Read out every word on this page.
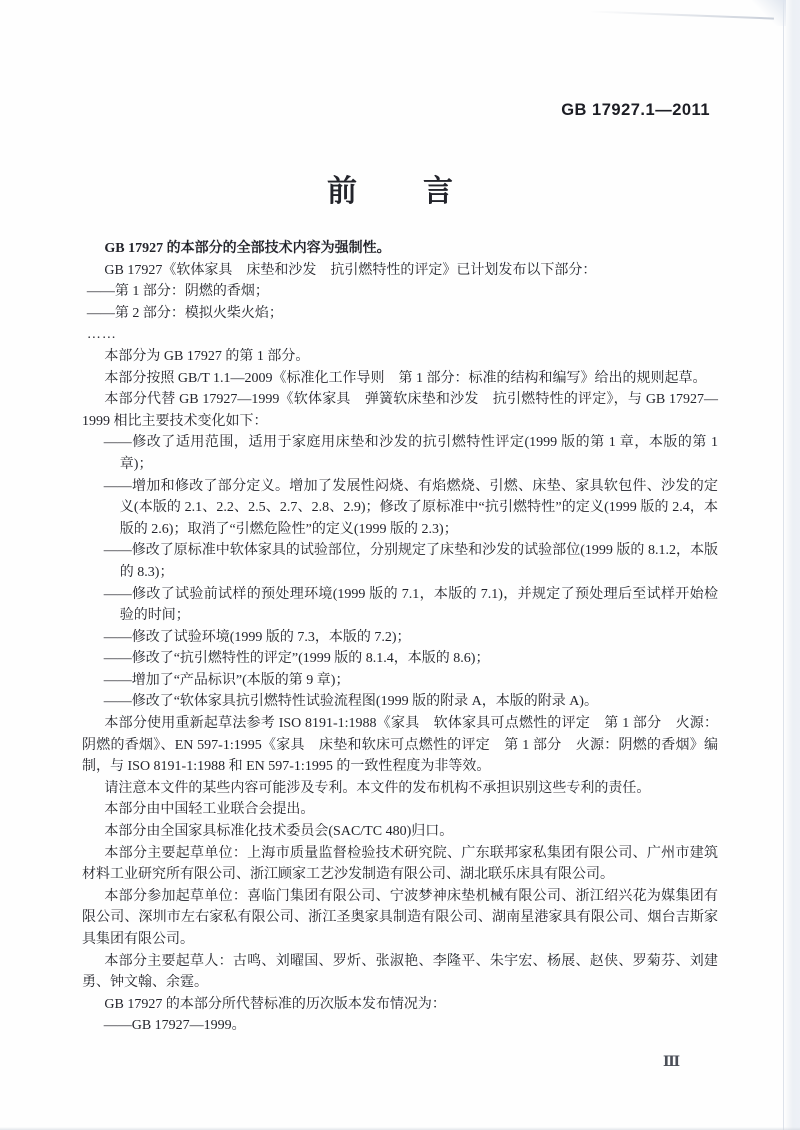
GB 17927.1—2011
前　　言

GB 17927 的本部分的全部技术内容为强制性。

GB 17927《软体家具　床垫和沙发　抗引燃特性的评定》已计划发布以下部分：

——第 1 部分：阴燃的香烟；

——第 2 部分：模拟火柴火焰；

……

本部分为 GB 17927 的第 1 部分。

本部分按照 GB/T 1.1—2009《标准化工作导则　第 1 部分：标准的结构和编写》给出的规则起草。

本部分代替 GB 17927—1999《软体家具　弹簧软床垫和沙发　抗引燃特性的评定》，与 GB 17927—1999 相比主要技术变化如下：

——修改了适用范围，适用于家庭用床垫和沙发的抗引燃特性评定(1999 版的第 1 章，本版的第 1 章)；

——增加和修改了部分定义。增加了发展性闷烧、有焰燃烧、引燃、床垫、家具软包件、沙发的定义(本版的 2.1、2.2、2.5、2.7、2.8、2.9)；修改了原标准中“抗引燃特性”的定义(1999 版的 2.4，本版的 2.6)；取消了“引燃危险性”的定义(1999 版的 2.3)；

——修改了原标准中软体家具的试验部位，分别规定了床垫和沙发的试验部位(1999 版的 8.1.2，本版的 8.3)；

——修改了试验前试样的预处理环境(1999 版的 7.1，本版的 7.1)，并规定了预处理后至试样开始检验的时间；

——修改了试验环境(1999 版的 7.3，本版的 7.2)；

——修改了“抗引燃特性的评定”(1999 版的 8.1.4，本版的 8.6)；

——增加了“产品标识”(本版的第 9 章)；

——修改了“软体家具抗引燃特性试验流程图(1999 版的附录 A，本版的附录 A)。

本部分使用重新起草法参考 ISO 8191-1:1988《家具　软体家具可点燃性的评定　第 1 部分　火源：阴燃的香烟》、EN 597-1:1995《家具　床垫和软床可点燃性的评定　第 1 部分　火源：阴燃的香烟》编制，与 ISO 8191-1:1988 和 EN 597-1:1995 的一致性程度为非等效。

请注意本文件的某些内容可能涉及专利。本文件的发布机构不承担识别这些专利的责任。

本部分由中国轻工业联合会提出。

本部分由全国家具标准化技术委员会(SAC/TC 480)归口。

本部分主要起草单位：上海市质量监督检验技术研究院、广东联邦家私集团有限公司、广州市建筑材料工业研究所有限公司、浙江顾家工艺沙发制造有限公司、湖北联乐床具有限公司。

本部分参加起草单位：喜临门集团有限公司、宁波梦神床垫机械有限公司、浙江绍兴花为媒集团有限公司、深圳市左右家私有限公司、浙江圣奥家具制造有限公司、湖南星港家具有限公司、烟台吉斯家具集团有限公司。

本部分主要起草人：古鸣、刘曜国、罗炘、张淑艳、李隆平、朱宇宏、杨展、赵侠、罗菊芬、刘建勇、钟文翰、余霆。

GB 17927 的本部分所代替标准的历次版本发布情况为：

——GB 17927—1999。

Ⅲ
